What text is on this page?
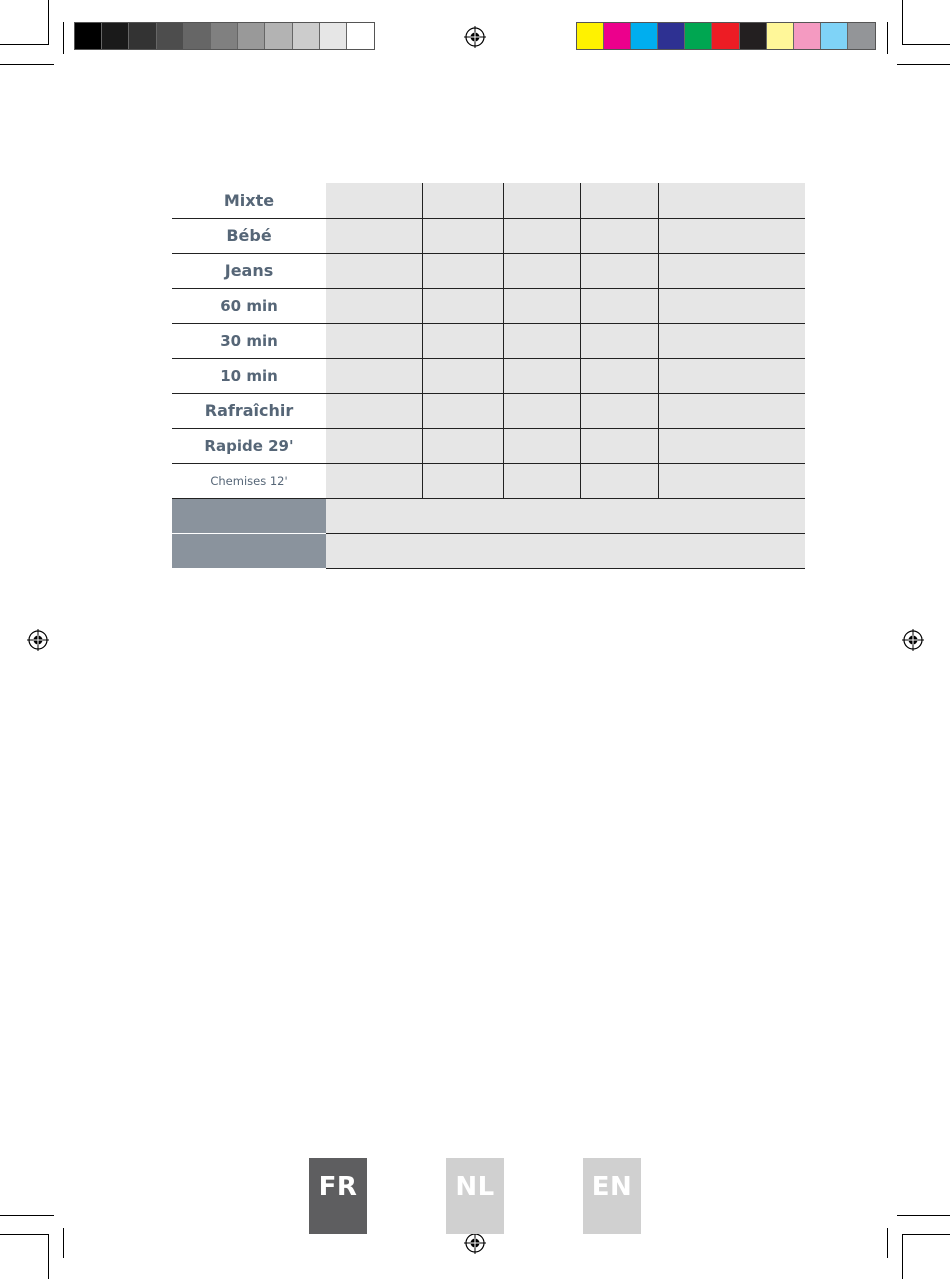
Mixte					
Bébé					
Jeans					
60 min					
30 min					
10 min					
Rafraîchir					
Rapide 29'					
Chemises 12'					

FR	NL	EN
